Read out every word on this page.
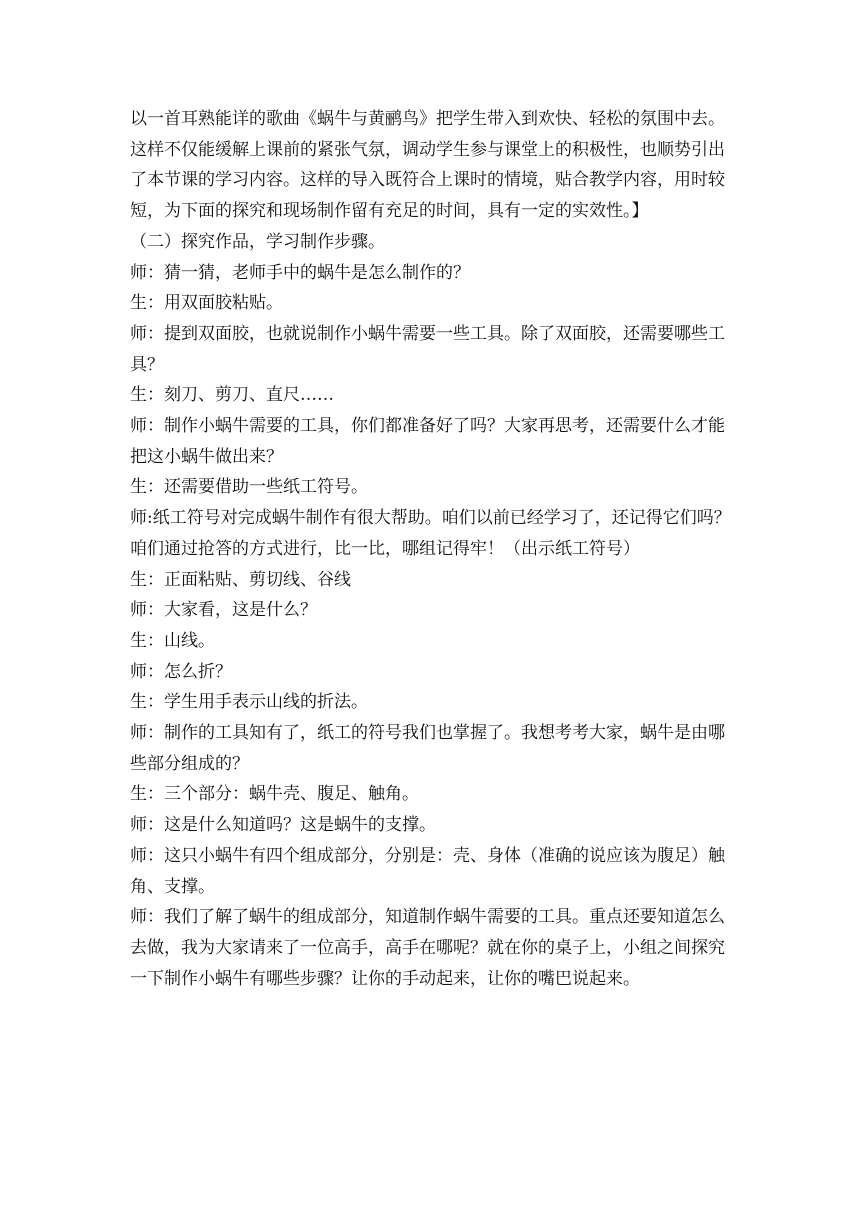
以一首耳熟能详的歌曲《蜗牛与黄鹂鸟》把学生带入到欢快、轻松的氛围中去。

这样不仅能缓解上课前的紧张气氛，调动学生参与课堂上的积极性，也顺势引出

了本节课的学习内容。这样的导入既符合上课时的情境，贴合教学内容，用时较

短，为下面的探究和现场制作留有充足的时间，具有一定的实效性。】

（二）探究作品，学习制作步骤。

师：猜一猜，老师手中的蜗牛是怎么制作的？

生：用双面胶粘贴。

师：提到双面胶，也就说制作小蜗牛需要一些工具。除了双面胶，还需要哪些工

具？

生：刻刀、剪刀、直尺……

师：制作小蜗牛需要的工具，你们都准备好了吗？大家再思考，还需要什么才能

把这小蜗牛做出来？

生：还需要借助一些纸工符号。

师:纸工符号对完成蜗牛制作有很大帮助。咱们以前已经学习了，还记得它们吗？

咱们通过抢答的方式进行，比一比，哪组记得牢！（出示纸工符号）

生：正面粘贴、剪切线、谷线

师：大家看，这是什么？

生：山线。

师：怎么折？

生：学生用手表示山线的折法。

师：制作的工具知有了，纸工的符号我们也掌握了。我想考考大家，蜗牛是由哪

些部分组成的？

生：三个部分：蜗牛壳、腹足、触角。

师：这是什么知道吗？这是蜗牛的支撑。

师：这只小蜗牛有四个组成部分，分别是：壳、身体（准确的说应该为腹足）触

角、支撑。

师：我们了解了蜗牛的组成部分，知道制作蜗牛需要的工具。重点还要知道怎么

去做，我为大家请来了一位高手，高手在哪呢？就在你的桌子上，小组之间探究

一下制作小蜗牛有哪些步骤？让你的手动起来，让你的嘴巴说起来。
